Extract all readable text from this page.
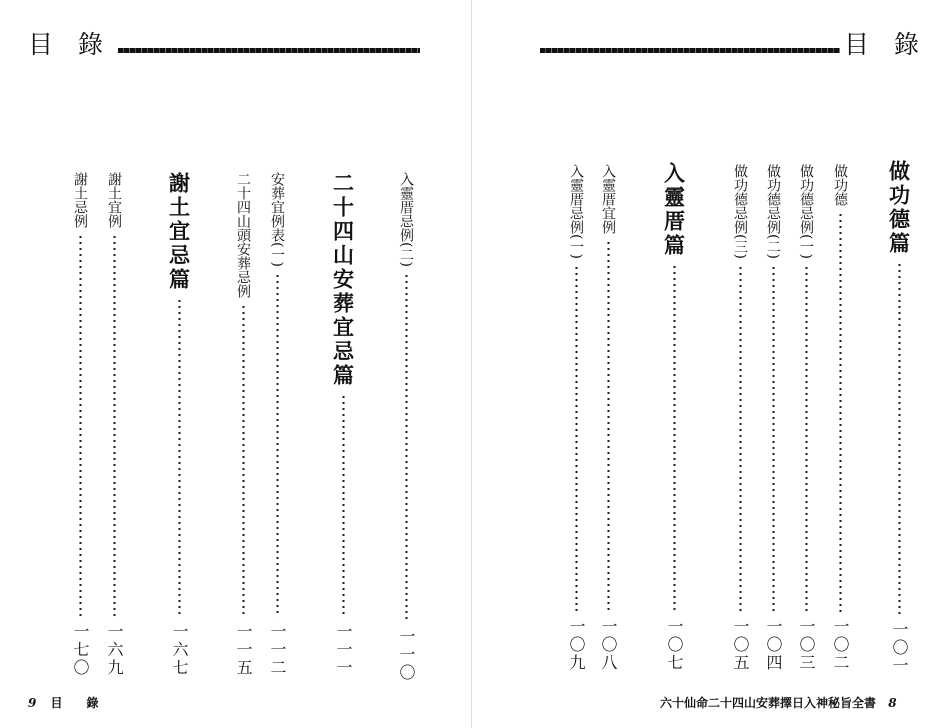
目　錄
入靈厝忌例(二)
一一〇
二十四山安葬宜忌篇
一一一
安葬宜例表(一)
一一二
二十四山頭安葬忌例
一一五
謝土宜忌篇
一六七
謝土宜例
一六九
謝土忌例
一七〇
9 目　　錄
目　錄
做功德篇
一〇一
做功德
一〇二
做功德忌例(一)
一〇三
做功德忌例(二)
一〇四
做功德忌例(三)
一〇五
入靈厝篇
一〇七
入靈厝宜例
一〇八
入靈厝忌例(一)
一〇九
六十仙命二十四山安葬擇日入神秘旨全書 8
